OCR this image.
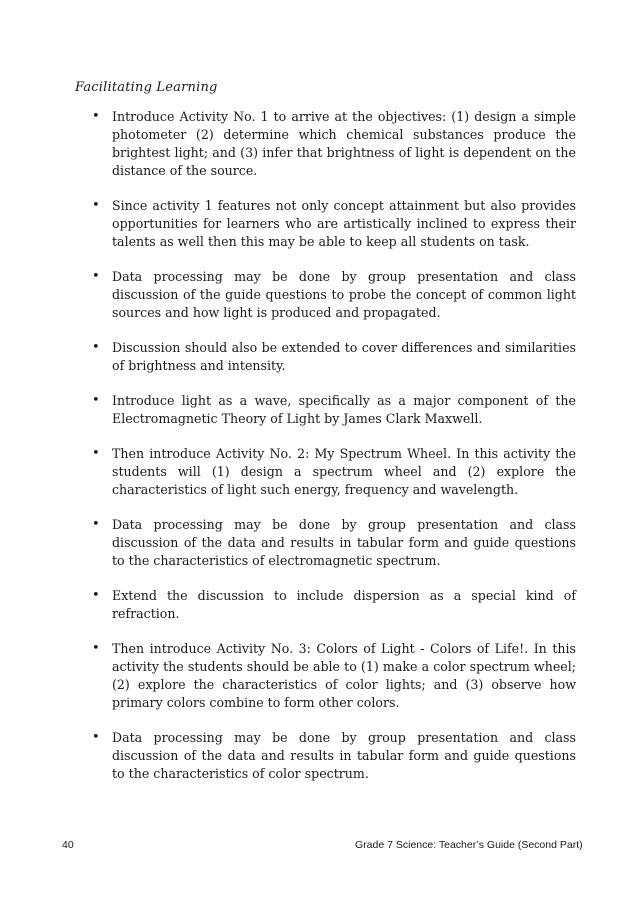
Facilitating Learning
• Introduce Activity No. 1 to arrive at the objectives: (1) design a simple photometer (2) determine which chemical substances produce the brightest light; and (3) infer that brightness of light is dependent on the distance of the source.
• Since activity 1 features not only concept attainment but also provides opportunities for learners who are artistically inclined to express their talents as well then this may be able to keep all students on task.
• Data processing may be done by group presentation and class discussion of the guide questions to probe the concept of common light sources and how light is produced and propagated.
• Discussion should also be extended to cover differences and similarities of brightness and intensity.
• Introduce light as a wave, specifically as a major component of the Electromagnetic Theory of Light by James Clark Maxwell.
• Then introduce Activity No. 2: My Spectrum Wheel. In this activity the students will (1) design a spectrum wheel and (2) explore the characteristics of light such energy, frequency and wavelength.
• Data processing may be done by group presentation and class discussion of the data and results in tabular form and guide questions to the characteristics of electromagnetic spectrum.
• Extend the discussion to include dispersion as a special kind of refraction.
• Then introduce Activity No. 3: Colors of Light - Colors of Life!. In this activity the students should be able to (1) make a color spectrum wheel; (2) explore the characteristics of color lights; and (3) observe how primary colors combine to form other colors.
• Data processing may be done by group presentation and class discussion of the data and results in tabular form and guide questions to the characteristics of color spectrum.
40	Grade 7 Science: Teacher’s Guide (Second Part)
